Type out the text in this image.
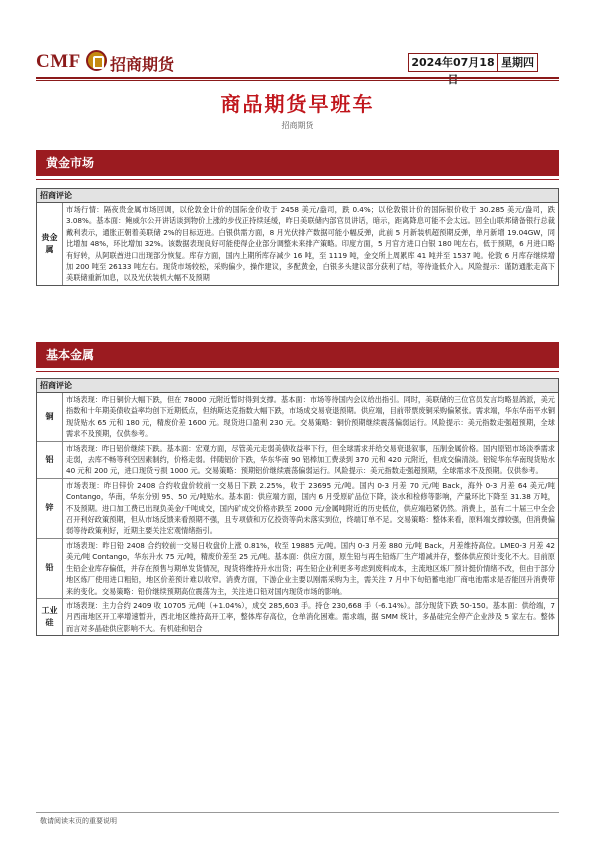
CMF 招商期货	2024年07月18 星期四
商品期货早班车
招商期货
黄金市场
招商评论
贵金属
市场行情：隔夜贵金属市场回调，以伦敦金计价的国际金价收于 2458 美元/盎司，跌 0.4%；以伦敦银计价的国际银价收于 30.285 美元/盎司，跌 3.08%。基本面：鲍威尔公开讲话谈到物价上涨的步伐正持续延缓，昨日美联储内部官员讲话，暗示，距离降息可能不会太远。回全山联邦储备银行总裁戴利表示，通胀正朝着美联储 2%的目标迈进。白银供需方面，8 月光伏排产数据可能小幅反弹，此前 5 月新装机超预期反弹，单月新增 19.04GW，同比增加 48%，环比增加 32%。该数据表现良好可能使得企业部分调整未来排产策略。印度方面，5 月官方进口白银 180 吨左右，低于预期，6 月进口略有好转，从阿联酋进口出现部分恢复。库存方面，国内上期所库存减少 16 吨，至 1119 吨，金交所上周累库 41 吨并至 1537 吨。伦敦 6 月库存继续增加 200 吨至 26133 吨左右。现货市场较松，采购偏少，操作建议，多配黄金，白银多头建议部分获利了结，等待逢低介入。风险提示：谨防通胀走高下美联储重新加息，以及光伏装机大幅不及预期
基本金属
招商评论
铜
市场表现：昨日铜价大幅下跌，但在 78000 元附近暂时得到支撑。基本面：市场等待国内会议给出指引。同时，美联储的三位官员发言均略显鸽派，美元指数和十年期美债收益率均创下近期低点，但纳斯达克指数大幅下跌，市场成交易衰退预期。供应端，目前带票废铜采购偏紧张。需求端，华东华南平水铜现货贴水 65 元和 180 元，精废价差 1600 元。现货进口盈利 230 元。交易策略：铜价预期继续震荡偏弱运行。风险提示：美元指数走强超预期，全球需求不及预期，仅供参考。
铝
市场表现：昨日铝价继续下跌。基本面：宏观方面，尽管美元走弱美债收益率下行，但全球需求并给交易衰退叙事，压制金属价格。国内原铝市场淡季需求走弱，去库不畅等利空因素制约，价格走弱。伴随铝价下跌，华东华南 90 铝棒加工费录到 370 元和 420 元附近，但成交偏清淡。铝锭华东华南现货贴水 40 元和 200 元，进口现货亏损 1000 元。交易策略：预期铝价继续震荡偏弱运行。风险提示：美元指数走强超预期，全球需求不及预期。仅供参考。
锌
市场表现：昨日锌价 2408 合约收盘价较前一交易日下跌 2.25%，收于 23695 元/吨。国内 0-3 月差 70 元/吨 Back，海外 0-3 月差 64 美元/吨 Contango，华南，华东分别 95、50 元/吨贴水。基本面：供应端方面，国内 6 月受原矿品位下降，淡水和检修等影响，产量环比下降至 31.38 万吨，不及预期。进口加工费已出现负美金/千吨成交，国内矿成交价格亦跌至 2000 元/金属吨附近的历史低位，供应端趋紧仍然。消费上，虽有二十届三中全会召开利好政策预期，但从市场反馈来看预期不强，且专项债和万亿投资等尚未落实到位，终端订单不足。交易策略：整体来看，原料端支撑较强，但消费偏弱等待政策利好，近期主要关注宏观情绪指引。
铅
市场表现：昨日铅 2408 合约较前一交易日收盘价上涨 0.81%，收至 19885 元/吨。国内 0-3 月差 880 元/吨 Back，月差维持高位。LME0-3 月差 42 美元/吨 Contango，华东升水 75 元/吨，精废价差至 25 元/吨。基本面：供应方面，原生铅与再生铅炼厂生产增减并存，整体供应预计变化不大。目前原生铅企业库存偏低，并存在预售与期单发货情况，现货将维持升水出货；再生铅企业利更多考虑到废料成本，主流地区炼厂预计挺价情绪不改，但由于部分地区炼厂使用进口粗铅，地区价差预计难以收窄。消费方面，下游企业主要以刚需采购为主，需关注 7 月中下旬铅蓄电池厂商电池需求是否能回升消费带来的变化。交易策略：铅价继续预期高位震荡为主，关注进口铅对国内现货市场的影响。
工业硅
市场表现：主力合约 2409 收 10705 元/吨（+1.04%），成交 285,603 手。持仓 230,668 手（-6.14%）。部分现货下跌 50-150。基本面：供给端，7 月西南地区开工率增速暂升，西北地区维持高开工率，整体库存高位，仓单消化困难。需求端，据 SMM 统计，多晶硅完全停产企业涉及 5 家左右。整体而言对多晶硅供应影响不大。有机硅和铝合
敬请阅读末页的重要说明
